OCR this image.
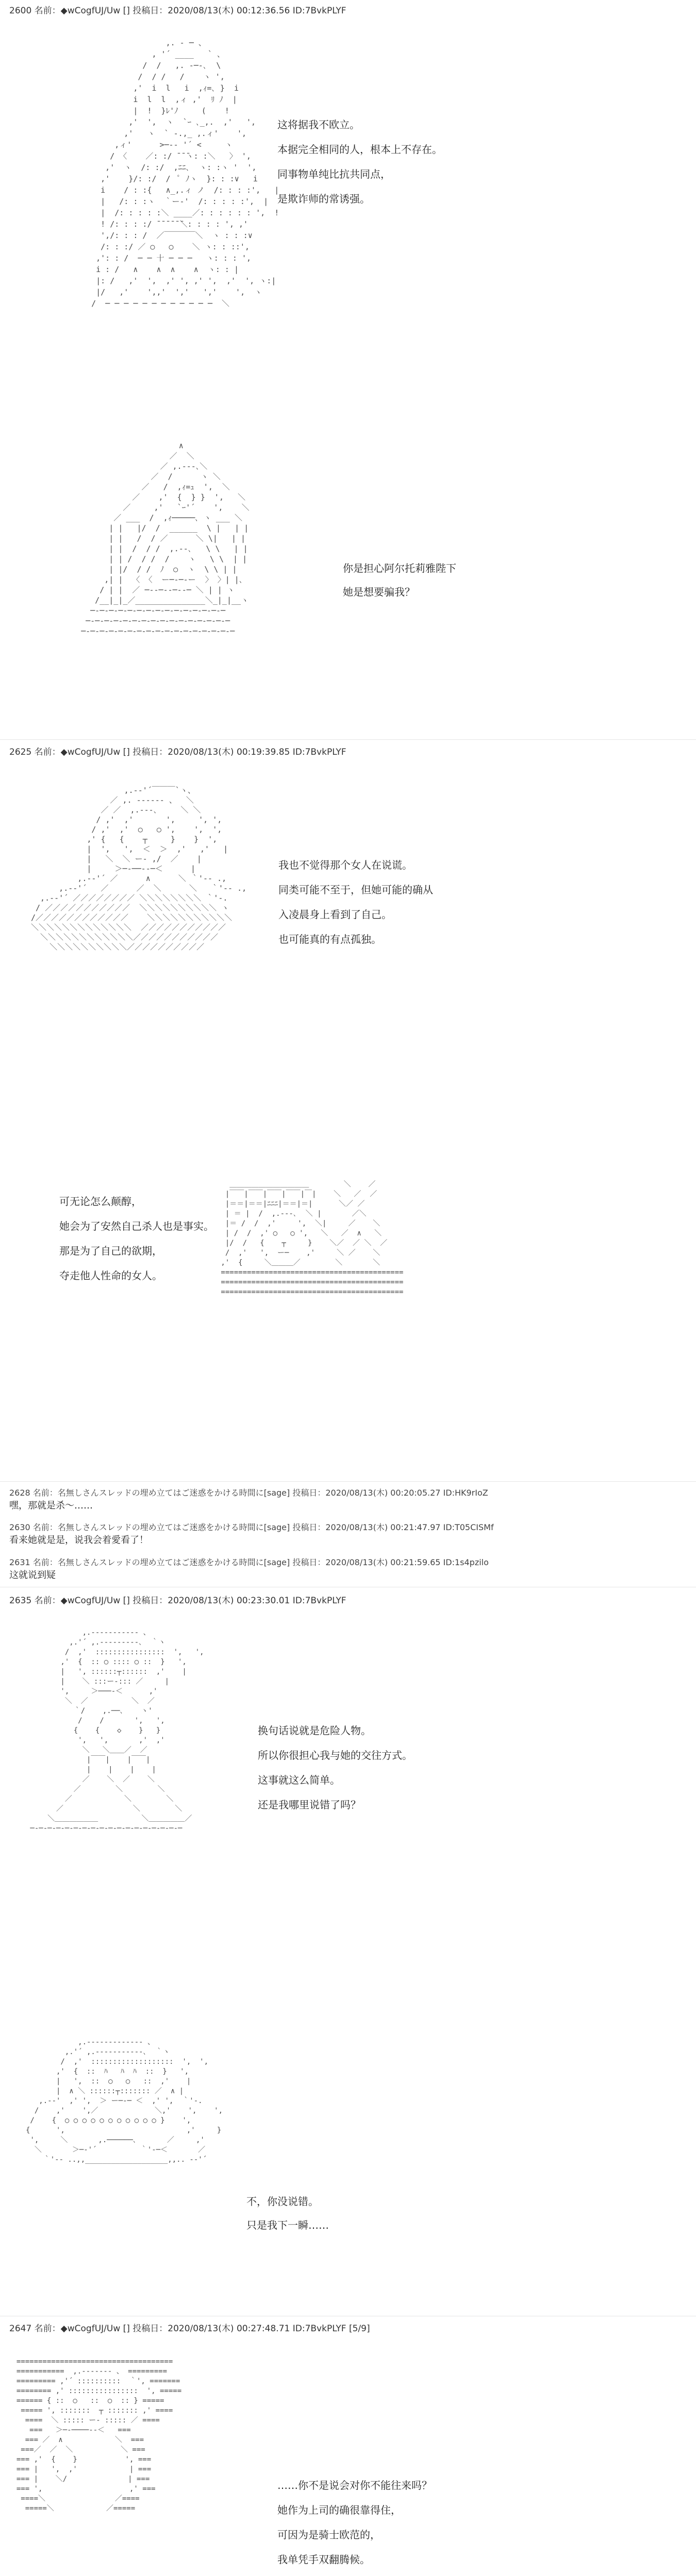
2600 名前：◆wCogfUJ/Uw [] 投稿日：2020/08/13(木) 00:12:36.56 ID:7BvkPLYF
,. ‐ ─ 、
, '´ ____   ` 、
/  /   ,. ‐─‐､  \
/  / /   /    ヽ ',
,'  i  l   i  ,ｨ=､ }  i
i  l  l  ,ィ ,'  ﾘ ﾉ  |
|  !  }ﾚ'ﾉ     (    !
,'  ',  ヽ  `ｰ ､_,.  ,'   ',
,'   ヽ  ` -.,_ ,.ィ'    ',
,ィ'      >─‐‐ '´ <     ヽ
/ 〈    ／: :/ ̄ ̄ ̄ヽ: :＼   〉 ',
,'  ヽ  /: :/  ,ﾆﾆ､  ヽ: :ヽ '  ',
,'    }/: :/  /  ﾟ ﾉヽ  }: : :∨   i
i    / : :{   ∧_,.ィ ノ  /: : : :',   |
|   /: : :ヽ  ｀ー‐'  /: : : : :',  |
|  /: : : : :＼ ____／: : : : : : ',  !
! /: : : :/ ̄ ̄ ̄ ̄ ̄ ̄＼: : : : ', ,'
',/: : : /  ／￣￣￣￣＼  ヽ : : :∨
/: : :/ ／ ○   ○    ＼ ヽ: : ::',
,': : /  ─ ─ 十 ─ ─ ─   ヽ: : : ',
i : /   ∧    ∧  ∧    ∧  ヽ: : |
|: /   ,'  ',  ,' ', ,' ',  ,'  ', ヽ:|
|/   ,'    ',,'  ','   ','    ',  ヽ
/  ─ ─ ─ ─ ─ ─ ─ ─ ─ ─ ─ ─  ＼

这将据我不欧立。
本据完全相同的人，根本上不存在。
同事物单纯比抗共同点，
是欺诈师的常诱强。
∧
／  ＼
／ ,.-‐-､＼
／  /      ヽ ＼
／   /  ,ｨ=ｭ  ',  ＼
／    ,'  {  } }  ',   ＼
／     ,'   `ｰ'´    ',    ＼
／ ___  /  ,ｨ─────､ ヽ ___ ＼
| |   |/  /  ______  \ |   | |
| |   /  / ／      ＼ \|   | |
| |  /  / /  ,.--､   \ \   | |
| | /  / /  /    ヽ   \ \  | |
| |/  / /  ﾉ  ○  ヽ  \ \ | |
,| |  〈 〈  ー─‐─‐ー  〉 〉| |､
/ | |  ／ ─‐‐─‐‐─‐‐─ ＼ | | ヽ
/__|_|_／_______________＼_|_|__ヽ
─‐─‐─‐─‐─‐─‐─‐─‐─‐─‐─‐─‐─‐─‐─
─‐─‐─‐─‐─‐─‐─‐─‐─‐─‐─‐─‐─‐─‐─‐─
─‐─‐─‐─‐─‐─‐─‐─‐─‐─‐─‐─‐─‐─‐─‐─‐─

你是担心阿尔托莉雅陛下
她是想要骗我？
2625 名前：◆wCogfUJ/Uw [] 投稿日：2020/08/13(木) 00:19:39.85 ID:7BvkPLYF
,.-‐'´￣￣￣`ヽ、
／ ,. -‐‐‐‐- 、  ＼
／ ／  ,.-‐-､     ＼ ＼
/ ,'  ,'       ',     ', ',
/ ,'  ,'  ○   ○ ',    ',  ',
,' {   {    ┬     }    }  ',
|  ',   ',  ＜  ＞  ,'   ,'   |
|   ＼  ＼ ー‐ ,/  ／    |
|     ＞─‐──‐‐─＜      |
,.-‐'´ ／      ∧      ＼ ｀'‐- .,
,.-‐'´   ／      ／  ＼      ＼   ｀'‐- .,
,.-‐'´ ／／／／／／／／ ＼＼＼＼＼＼＼＼ ｀'‐.
/ ／／／／／／／／／／／  ＼＼＼＼＼＼＼＼＼＼ ヽ
/／／／／／／／／／／／／    ＼＼＼＼＼＼＼＼＼＼＼
＼＼＼＼＼＼＼＼＼＼＼＼＼  ／／／／／／／／／／／
＼＼＼＼＼＼＼＼＼＼＼＼／／／／／／／／／／／
＼＼＼＼＼＼＼＼＼＼／／／／／／／／／／

我也不觉得那个女人在说谎。
同类可能不至于，但她可能的确从
入凌晨身上看到了自己。
也可能真的有点孤独。
＿＿＿＿＿＿＿＿＿＿＿        ＼    ／
|￣￣|￣￣|￣￣|￣￣|￣|    ＼   ／  ／
|＝＝|＝＝|ﾆﾆﾆ|＝＝|＝|      ＼／ ／
| ＝ |  /  ,.-‐-､  ＼ |       ／＼
|＝ /  /  ,'     ',  ＼|     ／    ＼
| /  /  ,' ○   ○ ',   ＼   ／  ∧   ＼
|/  /   {    ┬     }    ＼／  ／ ＼  ／
/  ,'   ',  ー─    ,'     ＼ ／    ＼
,'  {     ＼＿＿＿／        ＼       ＼
==========================================
==========================================
==========================================

可无论怎么颠醇，
她会为了安然自己杀人也是事实。
那是为了自己的欲期，
夺走他人性命的女人。
2628 名前：名無しさんスレッドの埋め立てはご迷惑をかける時間に[sage] 投稿日：2020/08/13(木) 00:20:05.27 ID:HK9rIoZ
嘿，那就是杀～……
2630 名前：名無しさんスレッドの埋め立てはご迷惑をかける時間に[sage] 投稿日：2020/08/13(木) 00:21:47.97 ID:T05CISMf
看来她就是是，说我会着愛看了！
2631 名前：名無しさんスレッドの埋め立てはご迷惑をかける時間に[sage] 投稿日：2020/08/13(木) 00:21:59.65 ID:1s4pzilo
这就说到疑
2635 名前：◆wCogfUJ/Uw [] 投稿日：2020/08/13(木) 00:23:30.01 ID:7BvkPLYF
,.-‐‐‐‐‐‐‐‐‐- 、
,.'´ ,.-‐‐‐‐‐‐‐-､  ｀ヽ
/  ,'  ::::::::::::::::  ',   ',
,'  {  :: ○ :::: ○ ::  }   ',
|   ', ::::::┬::::::  ,'    |
|    ＼ :::ー‐::: ／     |
',     ＞───‐＜      ,'
＼  ／          ＼  ／
｀/    ,.──､    ヽ'
/    /       ',   ',
{    {    ◇    }   }
',   ',       ,'  ,'
＼   ＼＿＿／  ／
|￣￣|    |￣￣|
|    |    |    |
／    ＼  ／    ＼
／        ＼        ＼
／            ＼        ＼
／                ＼        ＼
＼＿＿＿＿＿＿          ＼＿＿＿＿＿／
─‐─‐─‐─‐─‐─‐─‐─‐─‐─‐─‐─‐─‐─‐─‐─‐─‐─

换句话说就是危险人物。
所以你很担心我与她的交往方式。
这事就这么简单。
还是我哪里说错了吗？
,.-‐‐‐‐‐‐‐‐‐‐‐- 、
,.'´ ,.-‐‐‐‐‐‐‐‐‐-､  ｀ヽ
/  ,'  :::::::::::::::::::  ',  ',
,'  {  ::  ﾊ   ﾊ  ﾊ  ::  }   ',
|   ',  ::  ○   ○   ::  ,'    |
|  ∧ ＼ ::::::┬::::::: ／  ∧ |
,.-‐'  ,' ',  ＞ ー─‐─ ＜  ,' ',  ｀'‐.
/    ,'    ',／             ＼,'    ',    ',
/    {  ○ ○ ○ ○ ○ ○ ○ ○ ○ ○ ○ }    ',
{      ',                            ,'     }
',     ＼       ,.──────､       ／     ,'
＼       ＞─‐'´          ｀'‐─＜       ／
｀'‐- ..,,___________________,,.. -‐'´

不，你没说错。
只是我下一瞬……
2647 名前：◆wCogfUJ/Uw [] 投稿日：2020/08/13(木) 00:27:48.71 ID:7BvkPLYF [5/9]
====================================
===========  ,.-‐‐‐‐‐- 、 =========
========= ,'´ ::::::::::  ｀', =======
======== ,' ::::::::::::::::  ', =====
====== { ::  ○   ::  ○  :: } =====
===== ', :::::::  ┬ ::::::: ,' ====
====  ＼ ::::: ー‐ ::::: ／ ====
===   ＞─‐────‐‐＜   ===
=== ／  ∧            ＼  ===
===／  ／  ＼           ＼ ===
=== ,'  {    }           ', ===
=== |   ',  ,'            | ===
=== |    ＼/              | ===
=== ',                    ,' ===
====＼                ／====
=====＼            ／=====

……你不是说会对你不能往来吗？
她作为上司的确很靠得住，
可因为是骑士欧范的，
我单凭手双翻腾候。
